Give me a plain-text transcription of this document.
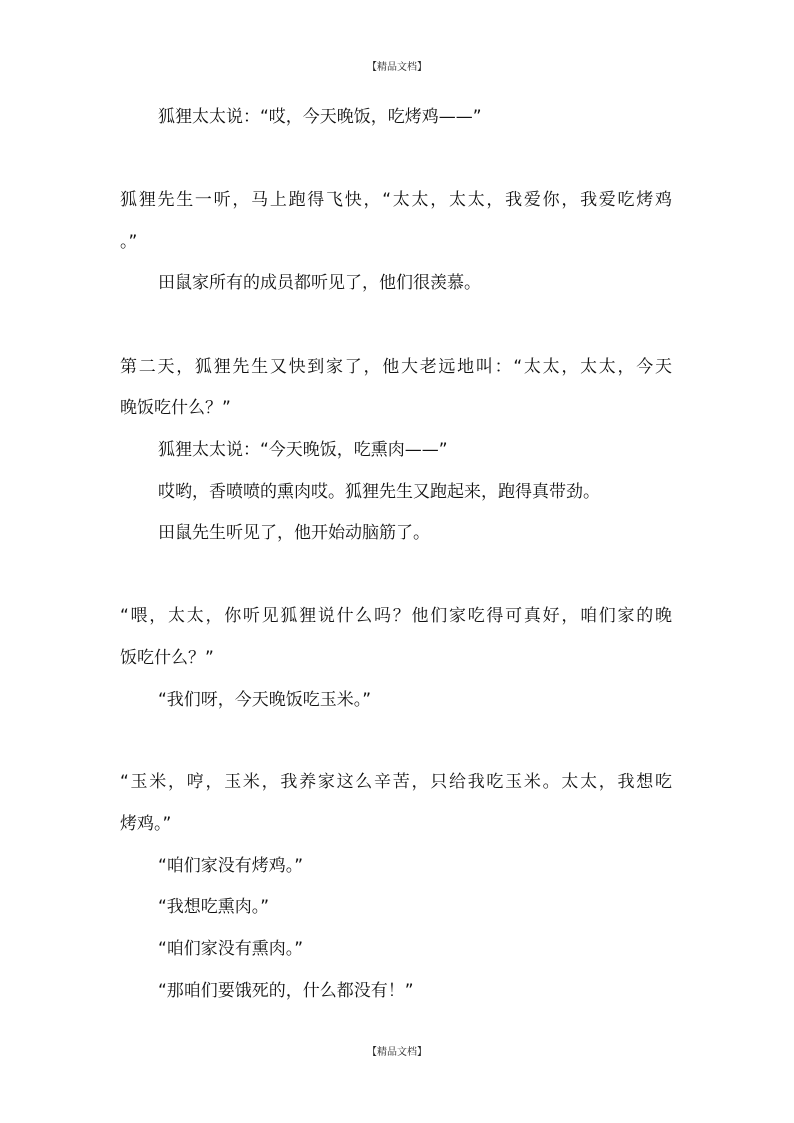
【精品文档】
狐狸太太说：“哎，今天晚饭，吃烤鸡——”
狐狸先生一听，马上跑得飞快，“太太，太太，我爱你，我爱吃烤鸡
。”
田鼠家所有的成员都听见了，他们很羡慕。
第二天，狐狸先生又快到家了，他大老远地叫：“太太，太太，今天
晚饭吃什么？”
狐狸太太说：“今天晚饭，吃熏肉——”
哎哟，香喷喷的熏肉哎。狐狸先生又跑起来，跑得真带劲。
田鼠先生听见了，他开始动脑筋了。
“喂，太太，你听见狐狸说什么吗？他们家吃得可真好，咱们家的晚
饭吃什么？”
“我们呀，今天晚饭吃玉米。”
“玉米，哼，玉米，我养家这么辛苦，只给我吃玉米。太太，我想吃
烤鸡。”
“咱们家没有烤鸡。”
“我想吃熏肉。”
“咱们家没有熏肉。”
“那咱们要饿死的，什么都没有！”
【精品文档】
